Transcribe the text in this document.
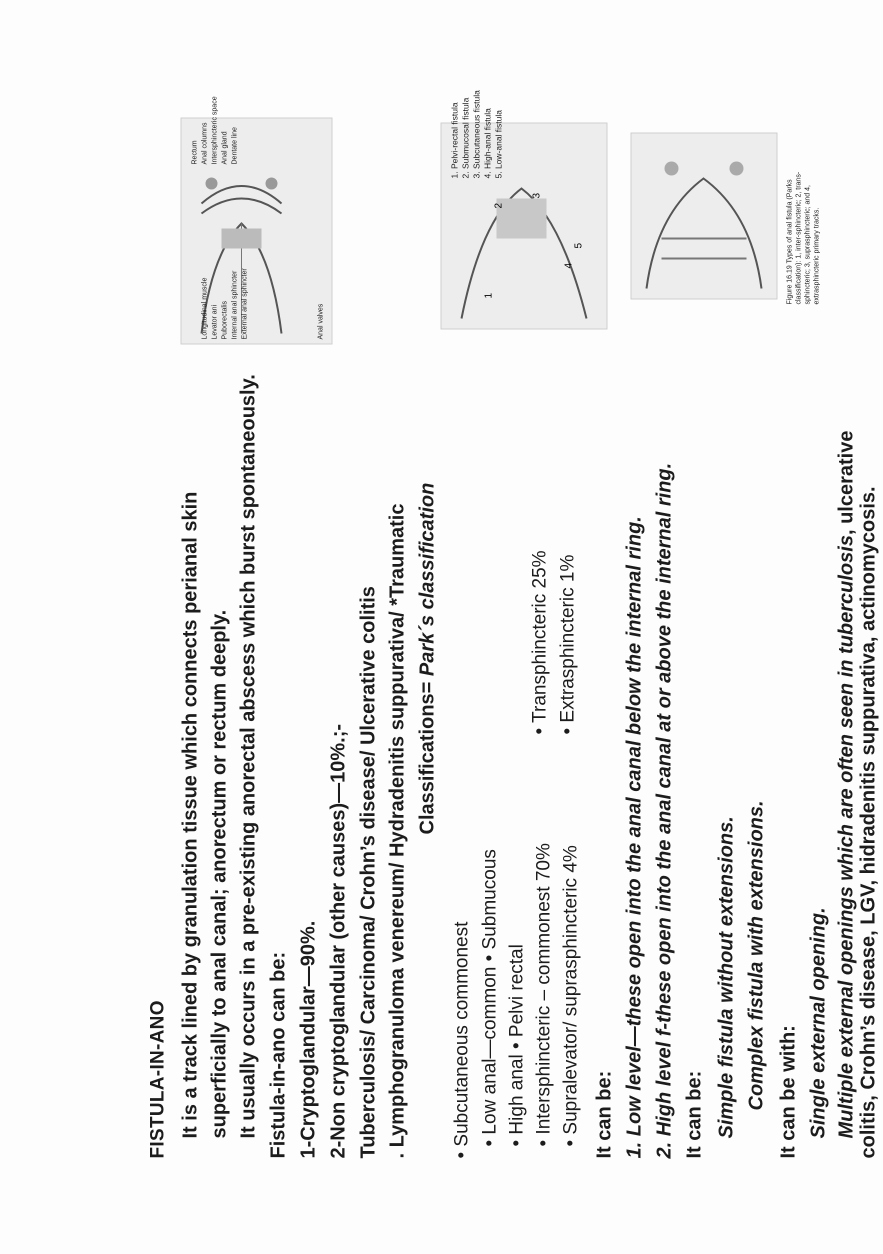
FISTULA-IN-ANO It is a track lined by granulation tissue which connects perianal skin superficially to anal canal; anorectum or rectum deeply. It usually occurs in a pre-existing anorectal abscess which burst spontaneously. Fistula-in-ano can be: 1-Cryptoglandular—90%. 2-Non cryptoglandular (other causes)—10%.;- Tuberculosis/ Carcinoma/ Crohn’s disease/ Ulcerative colitis . Lymphogranuloma venereum/ Hydradenitis suppurativa/ *Traumatic Classifications= Park´s classification
• Subcutaneous commonest • Low anal—common • Submucous • High anal • Pelvi rectal • Intersphincteric – commonest 70% • Supralevator/ suprasphincteric 4%
• Transphincteric 25% • Extrasphincteric 1%
It can be: 1. Low level—these open into the anal canal below the internal ring. 2. High level f-these open into the anal canal at or above the internal ring. It can be: Simple fistula without extensions. Complex fistula with extensions. It can be with: Single external opening. Multiple external openings which are often seen in tuberculosis, ulcerative
colitis, Crohn’s disease, LGV, hidradenitis suppurativa, actinomycosis.
Longitudinal muscle Levator ani Puborectalis Internal anal sphincter External anal sphincter	Anal valves
Rectum Anal columns Intersphincteric space Anal gland Dentate line
1
2
3
4
5
1. Pelvi-rectal fistula 2. Submucosal fistula 3. Subcutaneous fistula 4. High-anal fistula 5. Low-anal fistula
Figure 16.19 Types of anal fistula (Parks classification): 1, inter-sphincteric; 2, trans-sphincteric; 3, suprasphincteric; and 4, extrasphincteric primary tracks.
